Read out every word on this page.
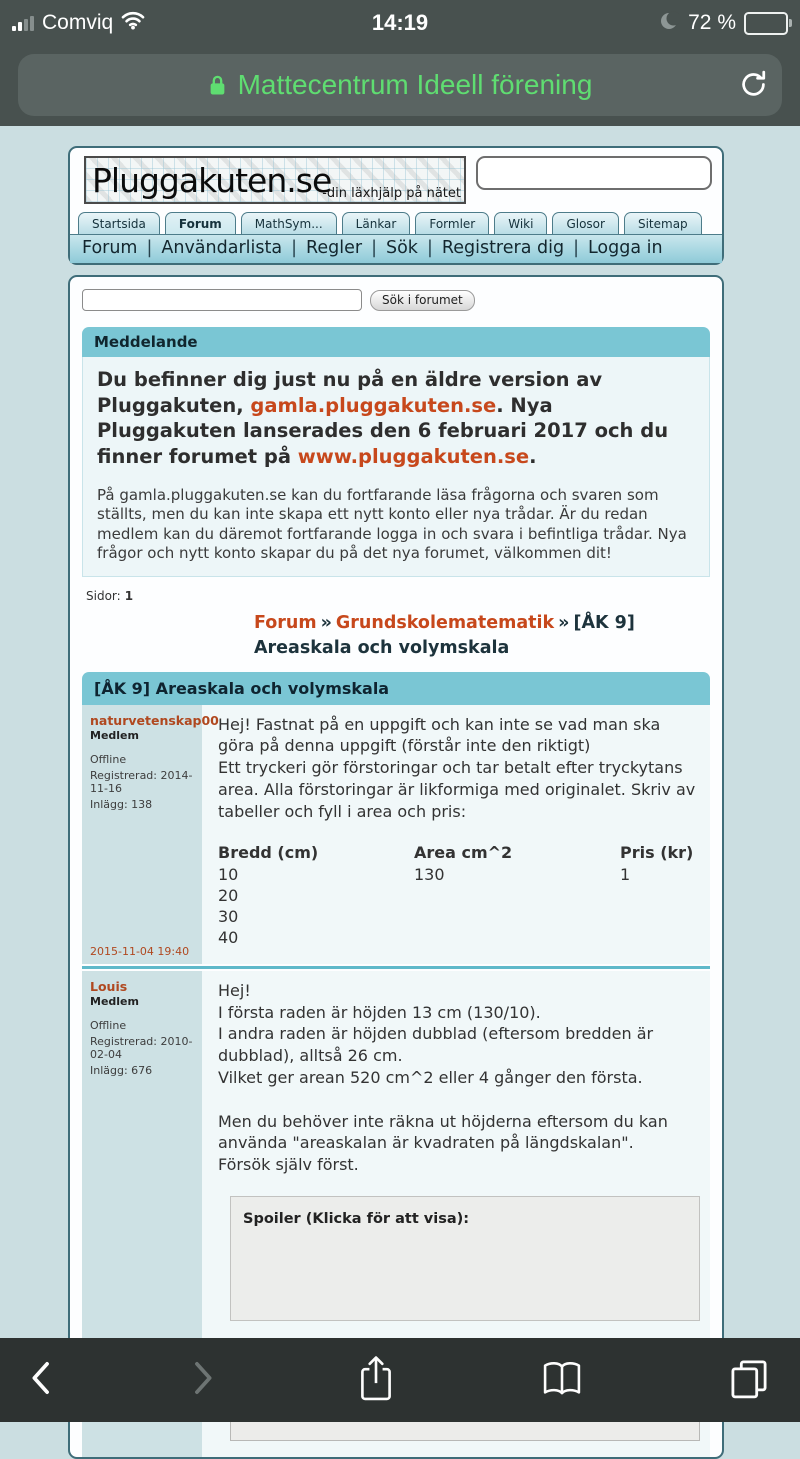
Comviq	14:19	72 %
Mattecentrum Ideell förening
Pluggakuten.se
-din läxhjälp på nätet
Startsida	Forum	MathSym...	Länkar	Formler	Wiki	Glosor	Sitemap
Forum | Användarlista | Regler | Sök | Registrera dig | Logga in
Sök i forumet
Meddelande

Du befinner dig just nu på en äldre version av Pluggakuten, gamla.pluggakuten.se. Nya Pluggakuten lanserades den 6 februari 2017 och du finner forumet på www.pluggakuten.se.

På gamla.pluggakuten.se kan du fortfarande läsa frågorna och svaren som ställts, men du kan inte skapa ett nytt konto eller nya trådar. Är du redan medlem kan du däremot fortfarande logga in och svara i befintliga trådar. Nya frågor och nytt konto skapar du på det nya forumet, välkommen dit!

Sidor: 1
Forum » Grundskolematematik » [ÅK 9] Areaskala och volymskala
[ÅK 9] Areaskala och volymskala
naturvetenskap00
Medlem
Offline
Registrerad: 2014-11-16
Inlägg: 138
2015-11-04 19:40

Hej! Fastnat på en uppgift och kan inte se vad man ska göra på denna uppgift (förstår inte den riktigt)

Ett tryckeri gör förstoringar och tar betalt efter tryckytans area. Alla förstoringar är likformiga med originalet. Skriv av tabeller och fyll i area och pris:

Bredd (cm)	Area cm^2	Pris (kr)
10	130	1
20
30
40
Louis
Medlem
Offline
Registrerad: 2010-02-04
Inlägg: 676

Hej!

I första raden är höjden 13 cm (130/10).

I andra raden är höjden dubblad (eftersom bredden är dubblad), alltså 26 cm.

Vilket ger arean 520 cm^2 eller 4 gånger den första.

Men du behöver inte räkna ut höjderna eftersom du kan använda "areaskalan är kvadraten på längdskalan".

Försök själv först.

Spoiler (Klicka för att visa):
